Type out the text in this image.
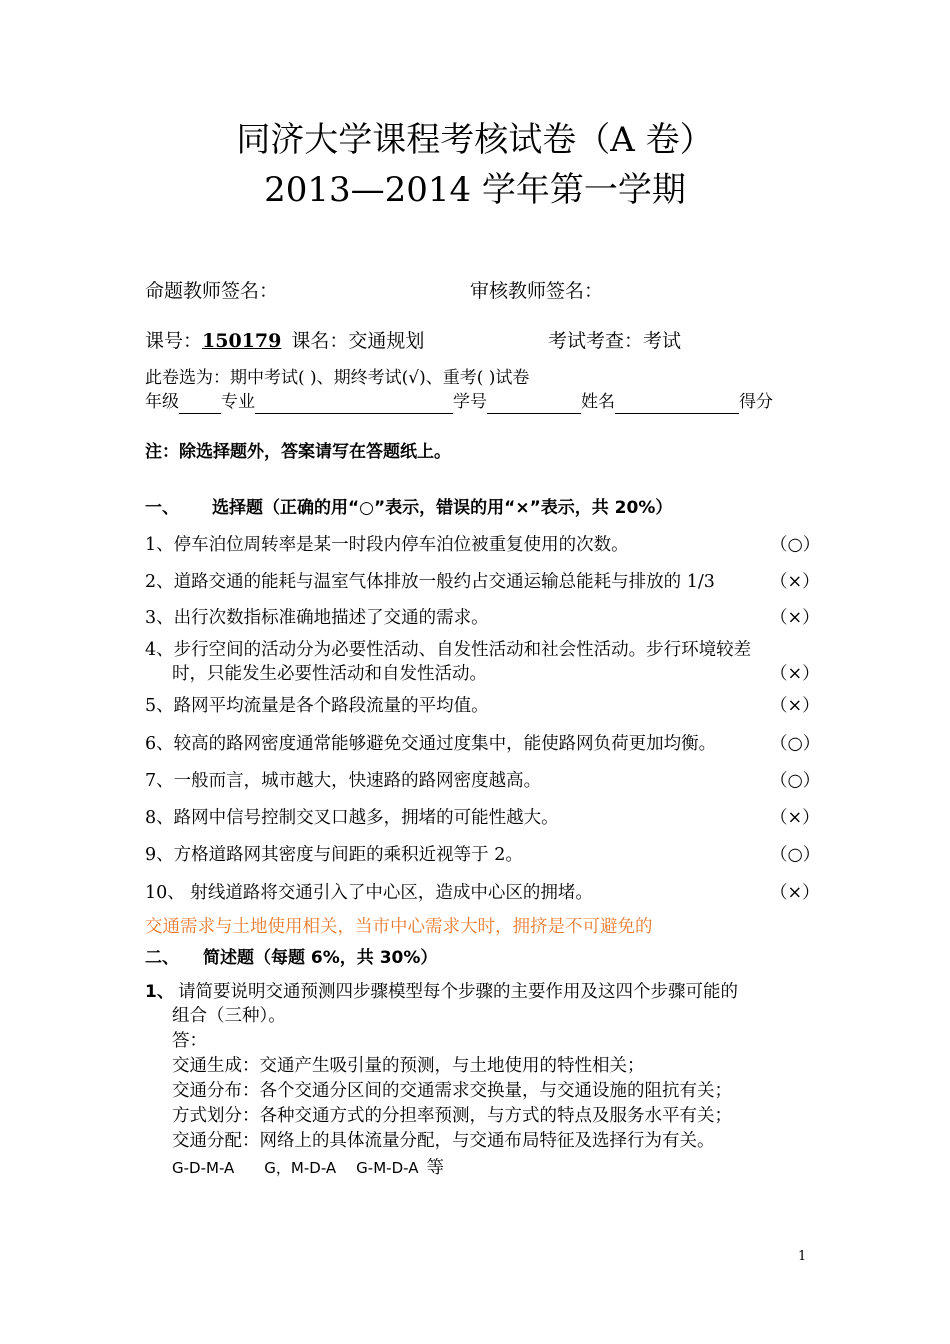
同济大学课程考核试卷（A 卷）
2013—2014 学年第一学期
命题教师签名：	审核教师签名：
课号：150179 课名：交通规划	考试考查：考试
此卷选为：期中考试( )、期终考试(√)、重考( )试卷
年级 专业	学号	姓名	得分
注：除选择题外，答案请写在答题纸上。
一、 选择题（正确的用“○”表示，错误的用“×”表示，共 20%）
1、停车泊位周转率是某一时段内停车泊位被重复使用的次数。	（○）
2、道路交通的能耗与温室气体排放一般约占交通运输总能耗与排放的 1/3	（×）
3、出行次数指标准确地描述了交通的需求。	（×）
4、步行空间的活动分为必要性活动、自发性活动和社会性活动。步行环境较差
时，只能发生必要性活动和自发性活动。	（×）
5、路网平均流量是各个路段流量的平均值。	（×）
6、较高的路网密度通常能够避免交通过度集中，能使路网负荷更加均衡。	（○）
7、一般而言，城市越大，快速路的路网密度越高。	（○）
8、路网中信号控制交叉口越多，拥堵的可能性越大。	（×）
9、方格道路网其密度与间距的乘积近视等于 2。	（○）
10、 射线道路将交通引入了中心区，造成中心区的拥堵。	（×）
交通需求与土地使用相关，当市中心需求大时，拥挤是不可避免的
二、 简述题（每题 6%，共 30%）
1、 请简要说明交通预测四步骤模型每个步骤的主要作用及这四个步骤可能的
组合（三种）。
答：
交通生成：交通产生吸引量的预测，与土地使用的特性相关；
交通分布：各个交通分区间的交通需求交换量，与交通设施的阻抗有关；
方式划分：各种交通方式的分担率预测，与方式的特点及服务水平有关；
交通分配：网络上的具体流量分配，与交通布局特征及选择行为有关。
G-D-M-A G，M-D-A G-M-D-A 等
1
